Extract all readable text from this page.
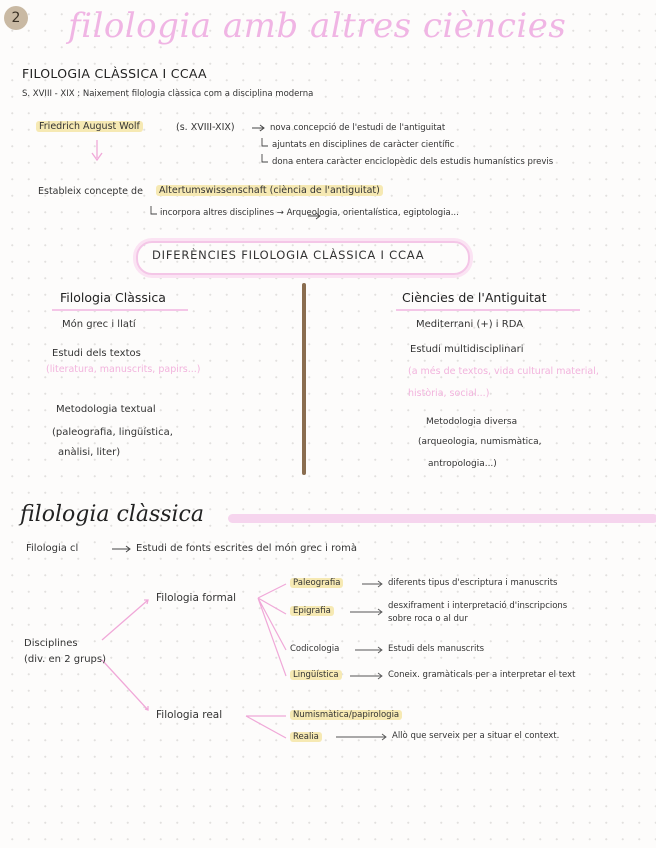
2 filologia amb altres ciències
FILOLOGIA CLÀSSICA I CCAA
S. XVIII - XIX : Naixement filologia clàssica com a disciplina moderna
Friedrich August Wolf	(s. XVIII-XIX)	nova concepció de l'estudi de l'antiguitat
ajuntats en disciplines de caràcter científic
dona entera caràcter enciclopèdic dels estudis humanístics previs
Estableix concepte de	Altertumswissenschaft (ciència de l'antiguitat)
incorpora altres disciplines → Arqueologia, orientalística, egiptologia...
DIFERÈNCIES FILOLOGIA CLÀSSICA I CCAA
Filologia Clàssica
Món grec i llatí
Estudi dels textos
(literatura, manuscrits, papirs...)
Metodologia textual
(paleografia, lingüística,
anàlisi, liter)
Ciències de l'Antiguitat
Mediterrani (+) i RDA
Estudi multidisciplinari
(a més de textos, vida cultural material,
història, social...)
Metodologia diversa
(arqueologia, numismàtica,
antropologia...)
filologia clàssica
Filologia cl	Estudi de fonts escrites del món grec i romà
Disciplines
(div. en 2 grups)
Filologia formal
Filologia real
Paleografia	diferents tipus d'escriptura i manuscrits
Epigrafia	desxiframent i interpretació d'inscripcions
sobre roca o al dur
Codicologia	Estudi dels manuscrits
Lingüística	Coneix. gramàticals per a interpretar el text
Numismàtica/papirologia
Realia	Allò que serveix per a situar el context.
